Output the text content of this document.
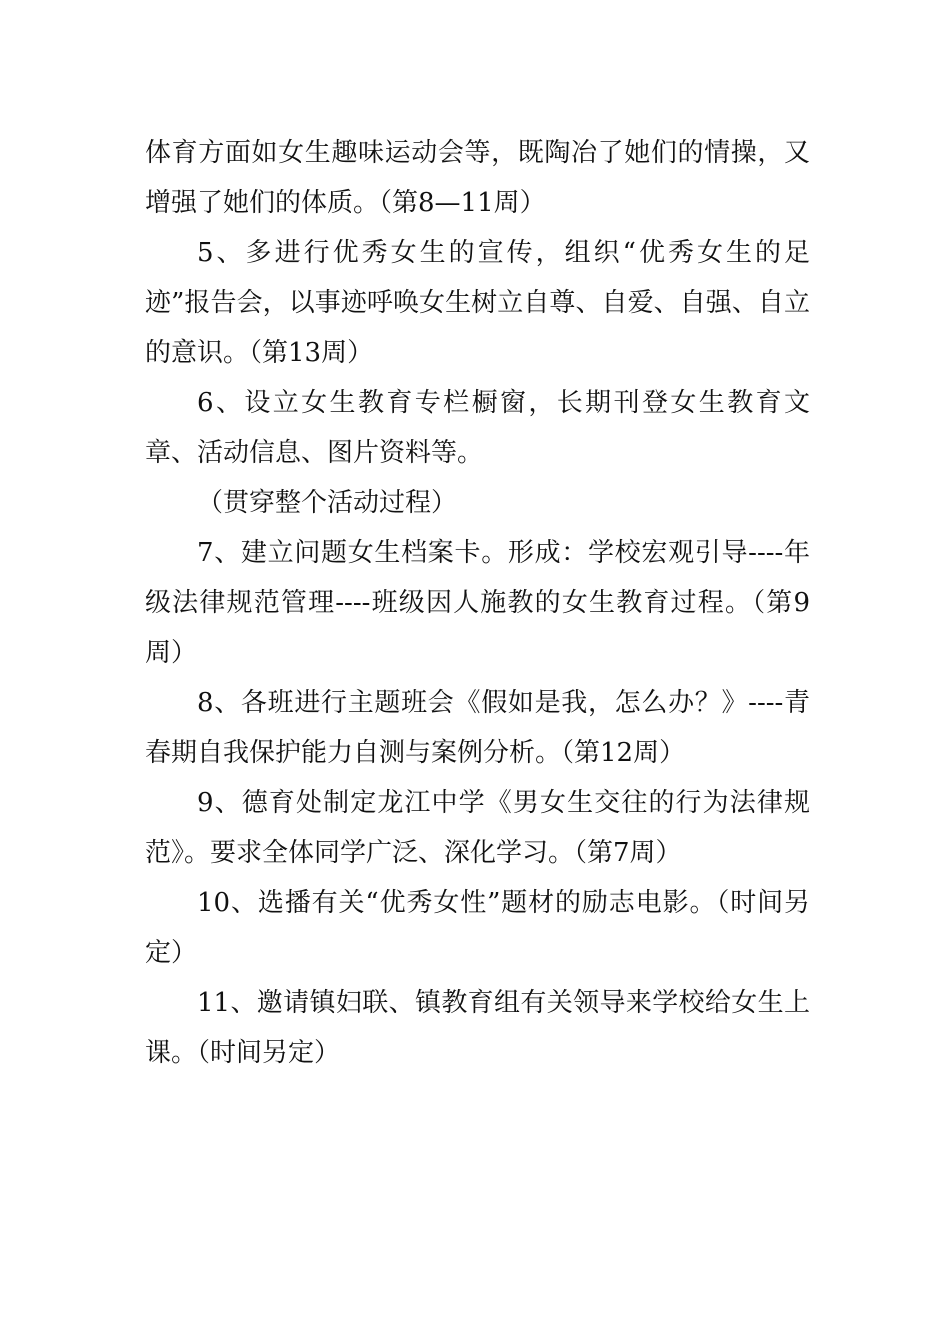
体育方面如女生趣味运动会等，既陶冶了她们的情操，又增强了她们的体质。（第8—11周）

5、多进行优秀女生的宣传，组织“优秀女生的足迹”报告会，以事迹呼唤女生树立自尊、自爱、自强、自立的意识。（第13周）

6、设立女生教育专栏橱窗，长期刊登女生教育文章、活动信息、图片资料等。

（贯穿整个活动过程）

7、建立问题女生档案卡。形成：学校宏观引导----年级法律规范管理----班级因人施教的女生教育过程。（第9周）

8、各班进行主题班会《假如是我，怎么办？》----青春期自我保护能力自测与案例分析。（第12周）

9、德育处制定龙江中学《男女生交往的行为法律规范》。要求全体同学广泛、深化学习。（第7周）

10、选播有关“优秀女性”题材的励志电影。（时间另定）

11、邀请镇妇联、镇教育组有关领导来学校给女生上课。（时间另定）
